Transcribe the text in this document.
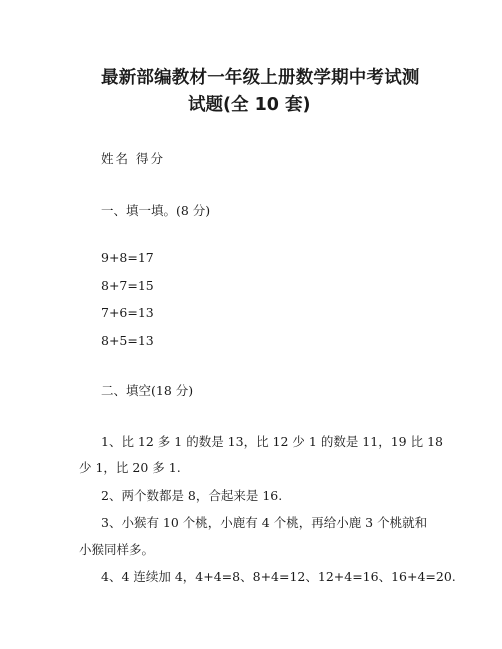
最新部编教材一年级上册数学期中考试测
试题(全 10 套)
姓名 得分
一、填一填。(8 分)
9+8=17
8+7=15
7+6=13
8+5=13
二、填空(18 分)
1、比 12 多 1 的数是 13，比 12 少 1 的数是 11，19 比 18
少 1，比 20 多 1.
2、两个数都是 8，合起来是 16.
3、小猴有 10 个桃，小鹿有 4 个桃，再给小鹿 3 个桃就和
小猴同样多。
4、4 连续加 4，4+4=8、8+4=12、12+4=16、16+4=20.
